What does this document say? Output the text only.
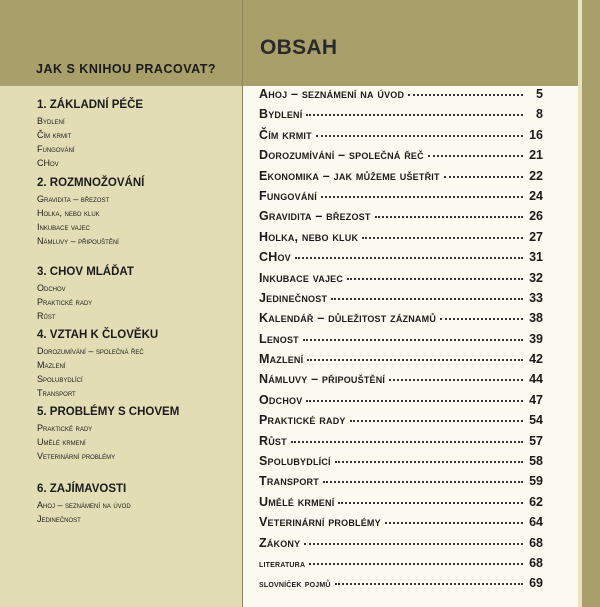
JAK S KNIHOU PRACOVAT?
OBSAH

1. ZÁKLADNÍ PÉČE

Bydlení

Čím krmit

Fungování

CHov

2. ROZMNOŽOVÁNÍ

Gravidita – březost

Holka, nebo kluk

Inkubace vajec

Námluvy – připouštění

3. CHOV MLÁĎAT

Odchov

Praktické rady

Růst

4. VZTAH K ČLOVĚKU

Dorozumívání – společná řeč

Mazlení

Spolubydlící

Transport

5. PROBLÉMY S CHOVEM

Praktické rady

Umělé krmení

Veterinární problémy

6. ZAJÍMAVOSTI

Ahoj – seznámení na úvod

Jedinečnost

Ahoj – seznámení na úvod	5
Bydlení	8
Čím krmit	16
Dorozumívání – společná řeč	21
Ekonomika – jak můžeme ušetřit	22
Fungování	24
Gravidita – březost	26
Holka, nebo kluk	27
CHov	31
Inkubace vajec	32
Jedinečnost	33
Kalendář – důležitost záznamů	38
Lenost	39
Mazlení	42
Námluvy – připouštění	44
Odchov	47
Praktické rady	54
Růst	57
Spolubydlící	58
Transport	59
Umělé krmení	62
Veterinární problémy	64
Zákony	68
literatura	68
slovníček pojmů	69
